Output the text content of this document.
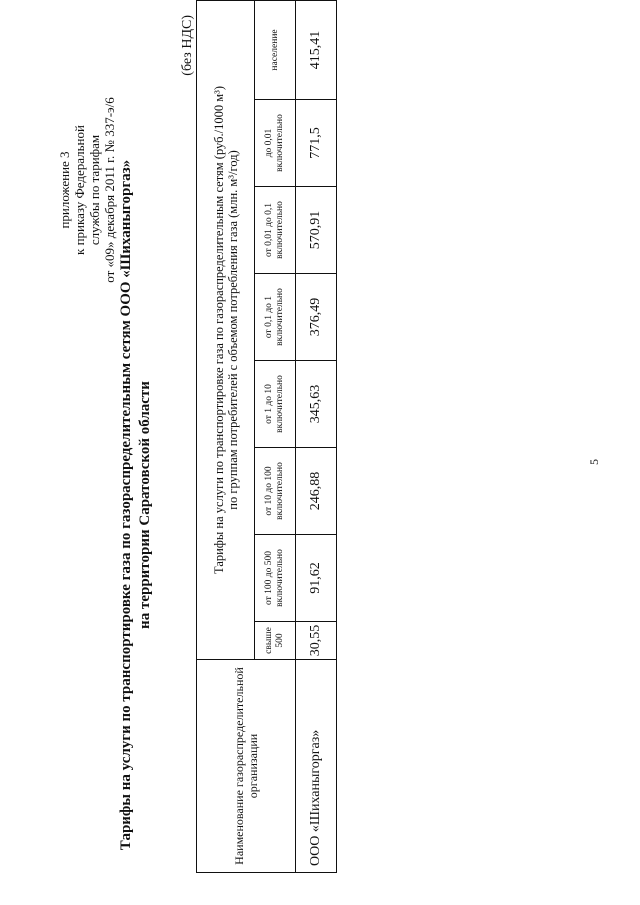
приложение 3 к приказу Федеральной службы по тарифам от «09» декабря 2011 г. № 337-э/6 Тарифы на услуги по транспортировке газа по газораспределительным сетям ООО «Шиханыгоргаз» на территории Саратовской области
(без НДС)
Наименование газораспределительной организации	Тарифы на услуги по транспортировке газа по газораспределительным сетям (руб./1000 м³) по группам потребителей с объемом потребления газа (млн. м³/год)							

	свыше 500	от 100 до 500 включительно	от 10 до 100 включительно	от 1 до 10 включительно	от 0,1 до 1 включительно	от 0,01 до 0,1 включительно	до 0,01 включительно	население
ООО «Шиханыгоргаз»	30,55	91,62	246,88	345,63	376,49	570,91	771,5	415,41
5
